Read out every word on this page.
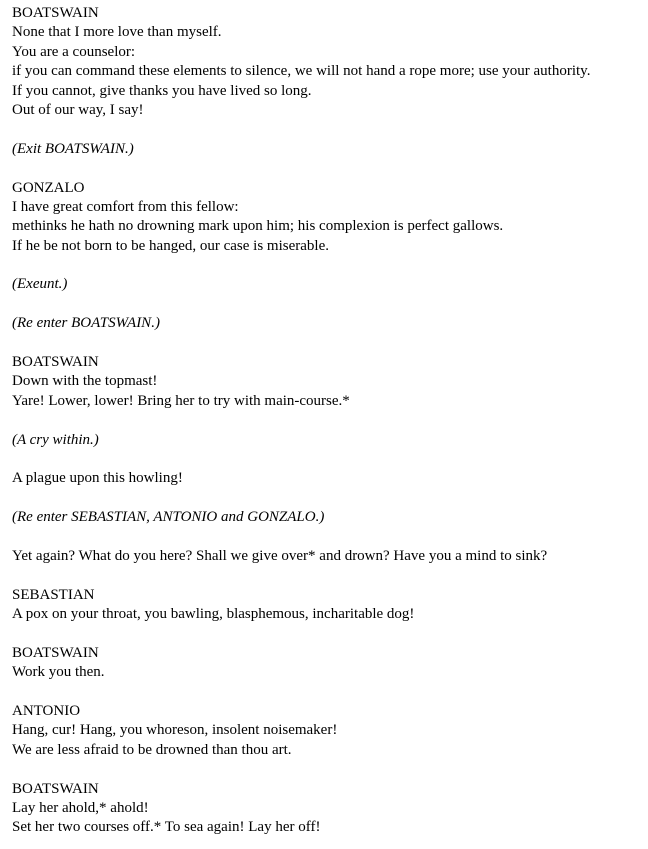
BOATSWAIN
None that I more love than myself.
You are a counselor:
if you can command these elements to silence, we will not hand a rope more; use your authority.
If you cannot, give thanks you have lived so long.
Out of our way, I say!
(Exit BOATSWAIN.)
GONZALO
I have great comfort from this fellow:
methinks he hath no drowning mark upon him; his complexion is perfect gallows.
If he be not born to be hanged, our case is miserable.
(Exeunt.)
(Re enter BOATSWAIN.)
BOATSWAIN
Down with the topmast!
Yare! Lower, lower! Bring her to try with main-course.*
(A cry within.)
A plague upon this howling!
(Re enter SEBASTIAN, ANTONIO and GONZALO.)
Yet again? What do you here? Shall we give over* and drown? Have you a mind to sink?
SEBASTIAN
A pox on your throat, you bawling, blasphemous, incharitable dog!
BOATSWAIN
Work you then.
ANTONIO
Hang, cur! Hang, you whoreson, insolent noisemaker!
We are less afraid to be drowned than thou art.
BOATSWAIN
Lay her ahold,* ahold!
Set her two courses off.* To sea again! Lay her off!
